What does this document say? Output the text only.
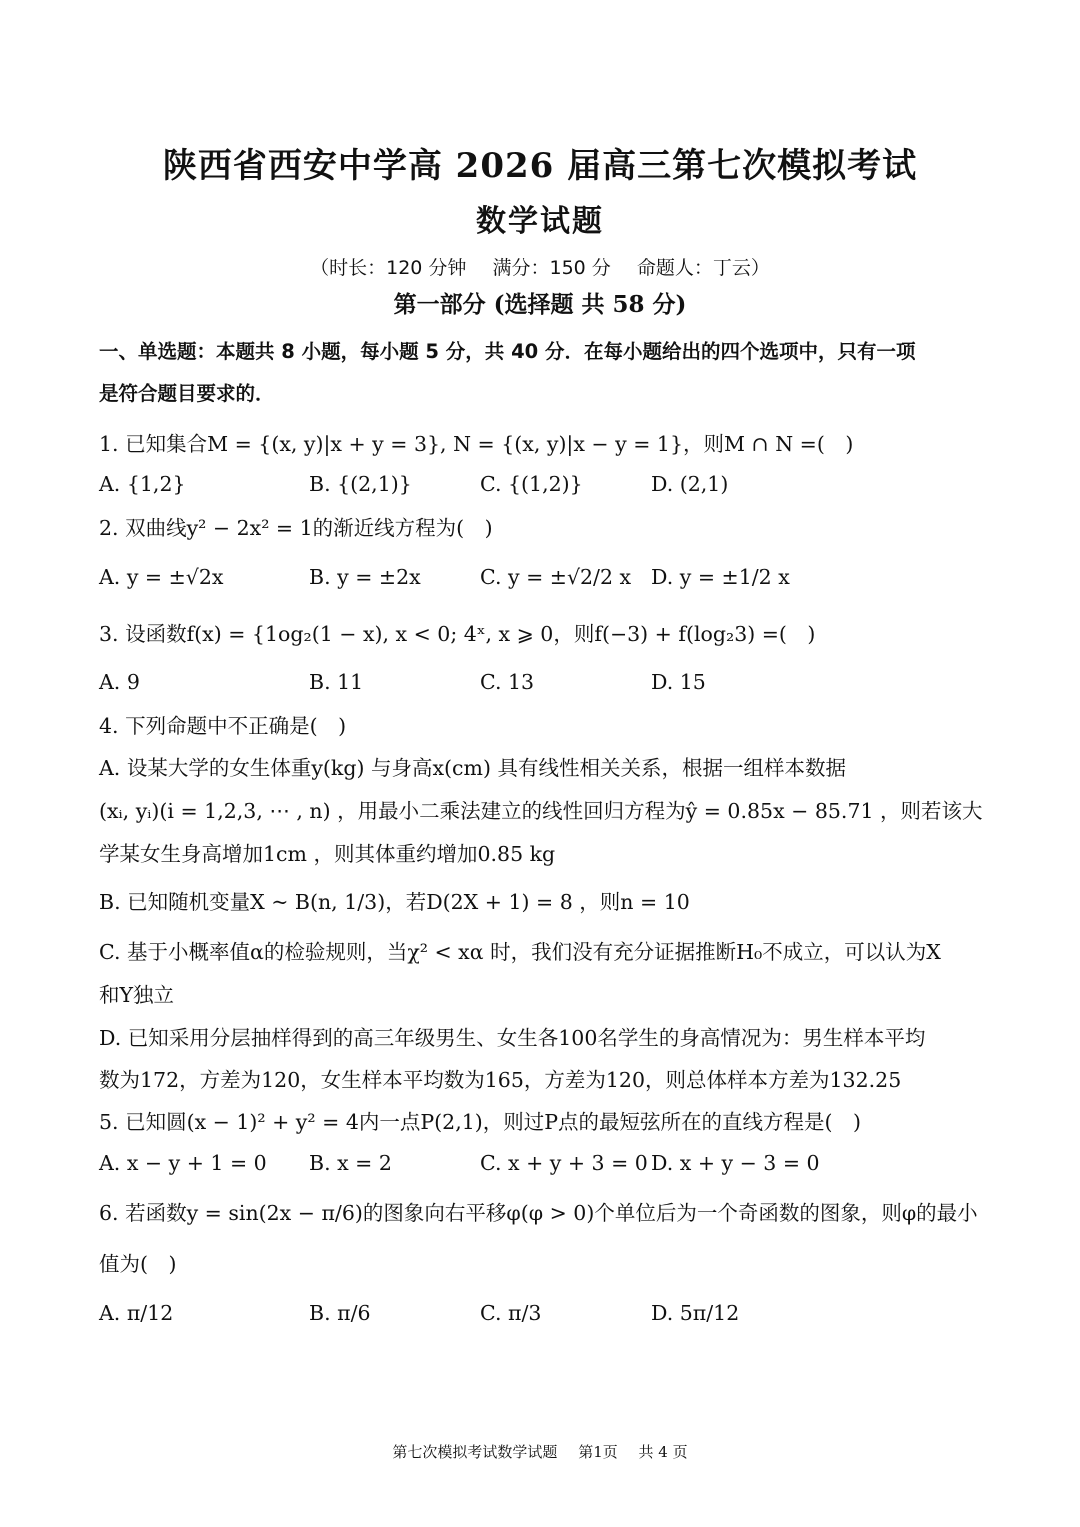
陕西省西安中学高 2026 届高三第七次模拟考试
数学试题
（时长：120 分钟 满分：150 分 命题人：丁云）
第一部分 (选择题 共 58 分)
一、单选题：本题共 8 小题，每小题 5 分，共 40 分．在每小题给出的四个选项中，只有一项
是符合题目要求的．
1. 已知集合M = {(x, y)|x + y = 3}, N = {(x, y)|x − y = 1}，则M ∩ N =(　)
A. {1,2}	B. {(2,1)}	C. {(1,2)}	D. (2,1)
2. 双曲线y² − 2x² = 1的渐近线方程为(　)
A. y = ±√2x	B. y = ±2x	C. y = ±√2/2 x D. y = ±1/2 x
3. 设函数f(x) = {1og₂(1 − x), x < 0; 4ˣ, x ⩾ 0，则f(−3) + f(log₂3) =(　)
A. 9	B. 11	C. 13	D. 15
4. 下列命题中不正确是(　)
A. 设某大学的女生体重y(kg) 与身高x(cm) 具有线性相关关系，根据一组样本数据
(xᵢ, yᵢ)(i = 1,2,3, ⋯ , n) ，用最小二乘法建立的线性回归方程为ŷ = 0.85x − 85.71 ，则若该大
学某女生身高增加1cm ，则其体重约增加0.85 kg
B. 已知随机变量X ~ B(n, 1/3)，若D(2X + 1) = 8 ，则n = 10
C. 基于小概率值α的检验规则，当χ² < xα 时，我们没有充分证据推断H₀不成立，可以认为X
和Y独立
D. 已知采用分层抽样得到的高三年级男生、女生各100名学生的身高情况为：男生样本平均
数为172，方差为120，女生样本平均数为165，方差为120，则总体样本方差为132.25
5. 已知圆(x − 1)² + y² = 4内一点P(2,1)，则过P点的最短弦所在的直线方程是(　)
A. x − y + 1 = 0 B. x = 2	C. x + y + 3 = 0 D. x + y − 3 = 0
6. 若函数y = sin(2x − π/6)的图象向右平移φ(φ > 0)个单位后为一个奇函数的图象，则φ的最小
值为(　)
A. π/12	B. π/6	C. π/3	D. 5π/12
第七次模拟考试数学试题 第1页 共 4 页
